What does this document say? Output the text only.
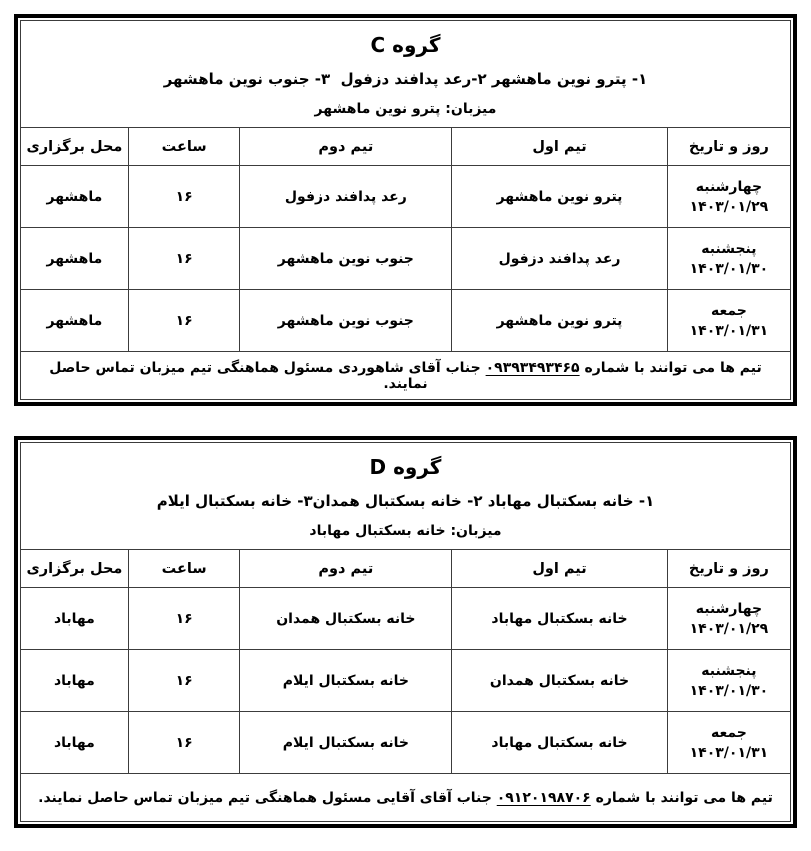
گروه C
۱- پترو نوین ماهشهر ۲-رعد پدافند دزفول  ۳- جنوب نوین ماهشهر
میزبان: پترو نوین ماهشهر				

روز و تاریخ	تیم اول	تیم دوم	ساعت	محل برگزاری

چهارشنبه
۱۴۰۳/۰۱/۲۹	پترو نوین ماهشهر	رعد پدافند دزفول	۱۶	ماهشهر

پنجشنبه
۱۴۰۳/۰۱/۳۰	رعد پدافند دزفول	جنوب نوین ماهشهر	۱۶	ماهشهر

جمعه
۱۴۰۳/۰۱/۳۱	پترو نوین ماهشهر	جنوب نوین ماهشهر	۱۶	ماهشهر
تیم ها می توانند با شماره ۰۹۳۹۳۴۹۳۴۶۵ جناب آقای شاهوردی مسئول هماهنگی تیم میزبان تماس حاصل نمایند.				
گروه D
۱- خانه بسکتبال مهاباد ۲- خانه بسکتبال همدان۳- خانه بسکتبال ایلام
میزبان: خانه بسکتبال مهاباد				

روز و تاریخ	تیم اول	تیم دوم	ساعت	محل برگزاری

چهارشنبه
۱۴۰۳/۰۱/۲۹	خانه بسکتبال مهاباد	خانه بسکتبال همدان	۱۶	مهاباد

پنجشنبه
۱۴۰۳/۰۱/۳۰	خانه بسکتبال همدان	خانه بسکتبال ایلام	۱۶	مهاباد

جمعه
۱۴۰۳/۰۱/۳۱	خانه بسکتبال مهاباد	خانه بسکتبال ایلام	۱۶	مهاباد
تیم ها می توانند با شماره ۰۹۱۲۰۱۹۸۷۰۶ جناب آقای آقایی مسئول هماهنگی تیم میزبان تماس حاصل نمایند.				
